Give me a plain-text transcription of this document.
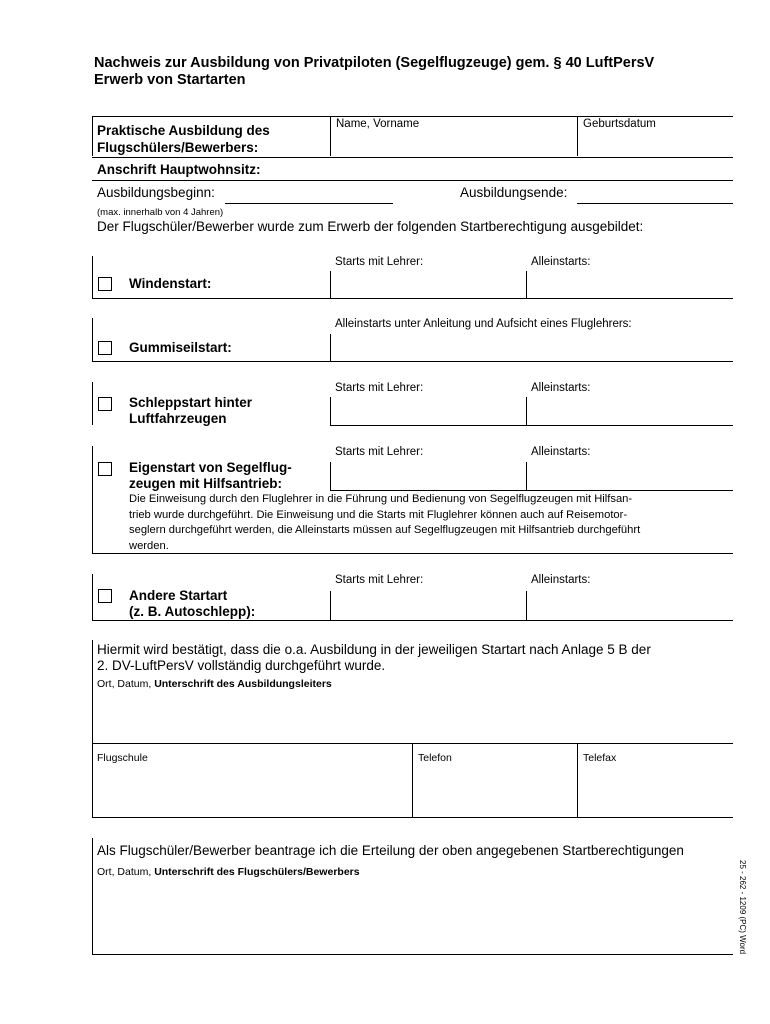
Nachweis zur Ausbildung von Privatpiloten (Segelflugzeuge) gem. § 40 LuftPersV
Erwerb von Startarten
Praktische Ausbildung des
Flugschülers/Bewerbers:
Name, Vorname	Geburtsdatum
Anschrift Hauptwohnsitz:
Ausbildungsbeginn:	Ausbildungsende:
(max. innerhalb von 4 Jahren)
Der Flugschüler/Bewerber wurde zum Erwerb der folgenden Startberechtigung ausgebildet:
Starts mit Lehrer:	Alleinstarts:
Windenstart:
Alleinstarts unter Anleitung und Aufsicht eines Fluglehrers:
Gummiseilstart:
Starts mit Lehrer:	Alleinstarts:
Schleppstart hinter
Luftfahrzeugen
Starts mit Lehrer:	Alleinstarts:
Eigenstart von Segelflug-
zeugen mit Hilfsantrieb:
Die Einweisung durch den Fluglehrer in die Führung und Bedienung von Segelflugzeugen mit Hilfsan-
trieb wurde durchgeführt. Die Einweisung und die Starts mit Fluglehrer können auch auf Reisemotor-
seglern durchgeführt werden, die Alleinstarts müssen auf Segelflugzeugen mit Hilfsantrieb durchgeführt
werden.
Starts mit Lehrer:	Alleinstarts:
Andere Startart
(z. B. Autoschlepp):
Hiermit wird bestätigt, dass die o.a. Ausbildung in der jeweiligen Startart nach Anlage 5 B der
2. DV-LuftPersV vollständig durchgeführt wurde.
Ort, Datum, Unterschrift des Ausbildungsleiters
Flugschule	Telefon	Telefax
Als Flugschüler/Bewerber beantrage ich die Erteilung der oben angegebenen Startberechtigungen
Ort, Datum, Unterschrift des Flugschülers/Bewerbers	25 - 262 - 1209 (PC) Word
